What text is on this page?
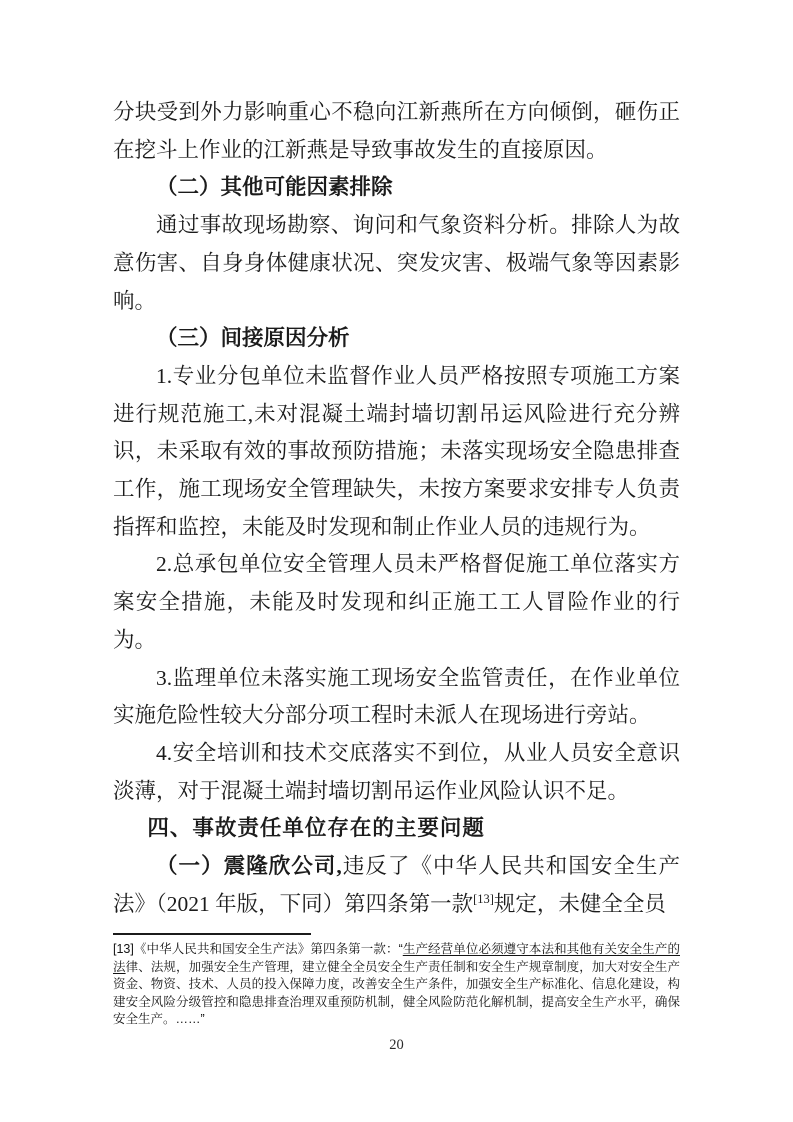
分块受到外力影响重心不稳向江新燕所在方向倾倒，砸伤正在挖斗上作业的江新燕是导致事故发生的直接原因。

（二）其他可能因素排除

通过事故现场勘察、询问和气象资料分析。排除人为故意伤害、自身身体健康状况、突发灾害、极端气象等因素影响。

（三）间接原因分析

1.专业分包单位未监督作业人员严格按照专项施工方案进行规范施工,未对混凝土端封墙切割吊运风险进行充分辨识，未采取有效的事故预防措施；未落实现场安全隐患排查工作，施工现场安全管理缺失，未按方案要求安排专人负责指挥和监控，未能及时发现和制止作业人员的违规行为。

2.总承包单位安全管理人员未严格督促施工单位落实方案安全措施，未能及时发现和纠正施工工人冒险作业的行为。

3.监理单位未落实施工现场安全监管责任，在作业单位实施危险性较大分部分项工程时未派人在现场进行旁站。

4.安全培训和技术交底落实不到位，从业人员安全意识淡薄，对于混凝土端封墙切割吊运作业风险认识不足。

四、事故责任单位存在的主要问题

（一）震隆欣公司,违反了《中华人民共和国安全生产法》（2021 年版，下同）第四条第一款[13]规定，未健全全员

[13]《中华人民共和国安全生产法》第四条第一款：“生产经营单位必须遵守本法和其他有关安全生产的法律、法规，加强安全生产管理，建立健全全员安全生产责任制和安全生产规章制度，加大对安全生产资金、物资、技术、人员的投入保障力度，改善安全生产条件，加强安全生产标准化、信息化建设，构建安全风险分级管控和隐患排查治理双重预防机制，健全风险防范化解机制，提高安全生产水平，确保安全生产。……”
20
